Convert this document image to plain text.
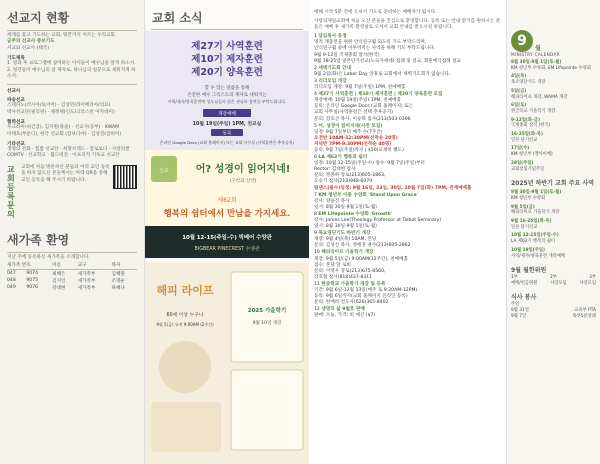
선교지 현황
세계를 품고 기도하는 교회, 땅끝까지 이르는 우리교회
금주의 선교사 중보기도
서교와 선교사 (태국)
기도제목
1. 방과 후 프로그램에 참여하는 아이들이 예수님을 알게 하소서.
2. 청년들이 예수님의 참 제자로, 하나님의 일꾼으로 세워지게 하소서.
선교사
파송선교
스테파노(러시아/로이어) · 김성민(라이베리아/의료)
박사선교단(필리핀) · 채정택(인도/크리스찬 아카데미)
협력선교
우크라이나(긴급), 김지원(몽골) · 선교사(동부) · KWAM
이태호(부룬디), 한국 선교회 (캄보디아) · 김성진(잠비아)
기타선교
생명의 전화 · 힘밥 선교단 · 희망브레드 · 장로로디 · 사랑의쌀
COMTV · 선교학교 · 월드비전 · 아프리카 기독교 선교단
교회 등록 문의
교회에 처음 방문하신 분들과 아직 교인 등록을 하지 않으신 분들께서는 아래 QR을 통해 교인 등록을 해 주시기 바랍니다.
새가족 환영
지난 주에 등록하신 새가족을 소개합니다.
새가족 번호		이름	교구	목자
047	9074	최혜은	새가족부	김혜원
048	9075	김지인	새가족부	조명순
049	9076	강대현	새가족부	하혜나
교회 소식
제27기 사역훈련
제10기 제자훈련
제20기 양육훈련
할 수 있는 말씀을 통해
온전한 예수 그리스도의 제자로 세워지는
사역/제자/양육훈련에 성도님들의 많은 관심과 참여를 부탁드립니다.
개강예배
10월 19일(주일) 1PM, 친교실
등록
온라인 Google Docs (교회 홈페이지) 또는 교회 사무실 (사역훈련은 추후공지)
선교	어? 성경이 읽어지네!
(구약과 신약)
제62회
행복의 쉼터에서 만남을 가지세요.
10월 12-15(주일-수) 빅베어 수양관
BIGBEAR PINECREST 수양관
해피 라이프
60세 이상 누구나
9월 5(금) 오전 9:00AM (2주간)
2025 가을학기
9월 10일 개강
매해 시작 5분 전에 오셔서 기도로 준비하는 예배자가 됩시다.
사랑의제일교회에 처음 오신 분들을 진심으로 환영합니다. 등록 또는 안내 받기를 원하시는 분들은 예배 후 새가족 환영실로 오셔서 교회 안내를 받으시길 바랍니다.
1 담임목사 동정
영적 재충전을 위한 안식연구월 되도록 기도 부탁드리며,
안식연구월 중에 이루어지는 사역을 위해 기도 부탁드립니다.
9월 9-12일 국제종회 참석(한국)
9월 18-25일 일본단기선교(노숙자세대) 집례 및 설교, 회원예식집례 설교
2 새벽기도회 안내
9월 2일(화)은 Labor Day 연휴로 교회에서 새벽기도회가 없습니다.
3 리더모임 개강
리더모임 개강: 9월 7일(주일) 1PM, 친예배홀
4 제27기 사역훈련 | 제10기 제자훈련 | 제20기 양육훈련 모집
개강예배: 10월 19일(주일) 1PM, 친예배홀
등록: 온라인 Google Docs (교회 홈페이지) 또는
교회 사무실(사역훈련은 선택 추후공지)
문의: 강호산 목사, 이승혁 집사(213)503-0396
5 어, 성경이 읽어지네(사전 모집)
일정: 9월 7일부터 매주 수(7주간)
오전반 10AM-12:30PM(선착순 20명)
저녁반 7PM-9:30PM(선착순 40명)
등록: 9월 7일(주일)까지 | $50(교재비 별도)
6 LA 제62기 행복의 쉼터
일정: 10월 12-15일(주일-수) 접수: 9월 7일(주일)부터
Rector: 김대현 집사
문의: 정종하 장로(213)605-2863,
오승기 집사(213)948-6070
팀댄스(필수)일정: 9월 16일, 23일, 30일, 10월 7일(화) 7PM, 관계예배홀
7 KM 청년부 이름 수양회 'Stand Upon Grace'
강사: 양윤진 목사
일시: 8월 30일-9월 1일(토-월)
8 EM Lifepointe 수양회 'Growth'
강사: James Lee(Theology Professor at Talbot Seminary)
일시: 8월 30일-9월 1일(토-월)
9 목요영단기도 하반기 개강
개강: 9월 4일(목) 10AM, 본당
문의: 김성신 목사, 정예경 권사(213)605-2862
10 해피라이프 가을학기 개강
개강: 9월 5일(금) 9:00AM(12주간), 친예배홀
접수: 본당 앞 로비
문의: 이영우 장로(213)675-8560,
장호철 집사(818)437-8311
11 한글학교 가을학기 개강 및 등록
기간: 9월 6일-12월 13일(매주 토 9:20AM-12PM)
등록: 9월 6일까지(교회 홈페이지 온라인 등록)
문의: 한예라 전도사(626)365-8402
12 생명의 삶 9월호 판매
판매: 오늘, 가격: 비 예산 ($7)
9 월
MINISTRY CALENDAR
8월 30일-9월 1일(토-월)
KM 청년부 수양회, EM Lifepointe 수양회
4일(목)
목요영단기도 개강
5일(금)
해피라이프 개강, WAMA 개강
6일(토)
한글학교 가을학기 개강
9-12일(화-금)
국제종회 참석 (한국)
16-25일(화-목)
일본 단기선교
17일(수)
KM 청년부 (엘아이배)
28일(주일)
교회창립기념주일
2025년 하반기 교회 주요 사역
8월 30일-9월 1일(토-월)
KM 청년부 수양회
9월 5일(금)
해피라이프 가을학기 개강
9월 16-25일(화-목)
일본 단기선교
10월 12-15일(주일-수)
LA 제62기 행복의 쉼터
10월 19일(주일)
사역/제자/양육훈련 개강예배
9월 월한위원
1부	2부	3부
예배/헌금위원	사랑모임	사랑모임
식사 봉사
주일
9월 31일	교육부 PTA
9월 7일	목부5분창례
